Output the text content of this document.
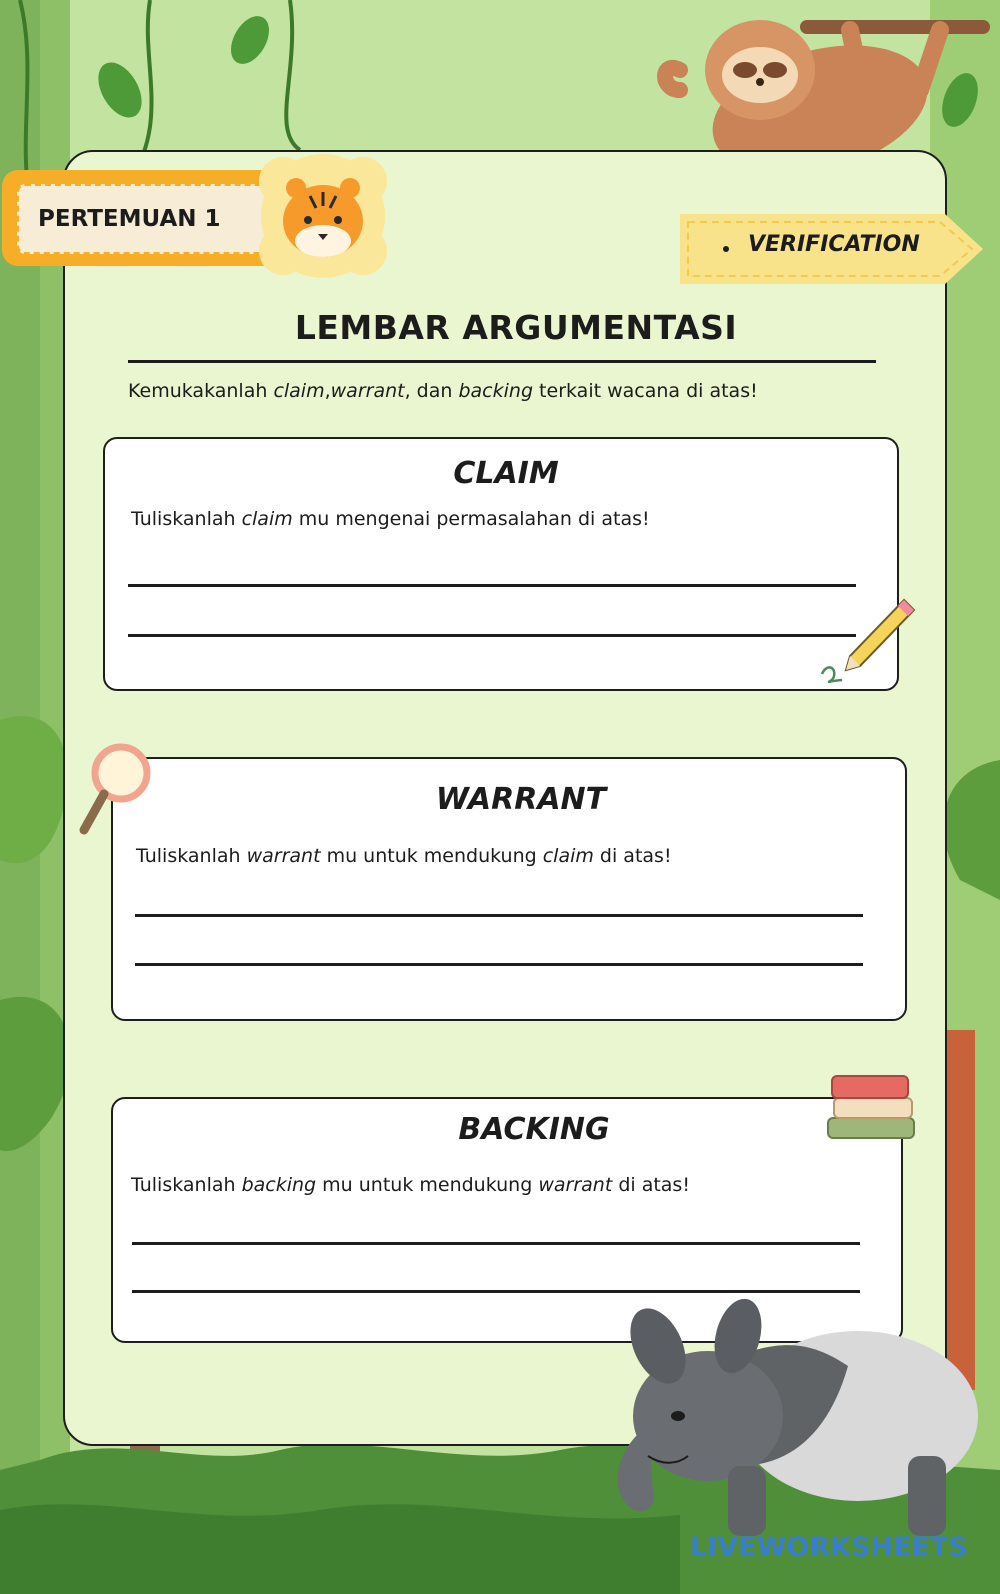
PERTEMUAN 1
VERIFICATION
LEMBAR ARGUMENTASI
Kemukakanlah claim,warrant, dan backing terkait wacana di atas!
CLAIM
Tuliskanlah claim mu mengenai permasalahan di atas!
WARRANT
Tuliskanlah warrant mu untuk mendukung claim di atas!
BACKING
Tuliskanlah backing mu untuk mendukung warrant di atas!
LIVEWORKSHEETS
